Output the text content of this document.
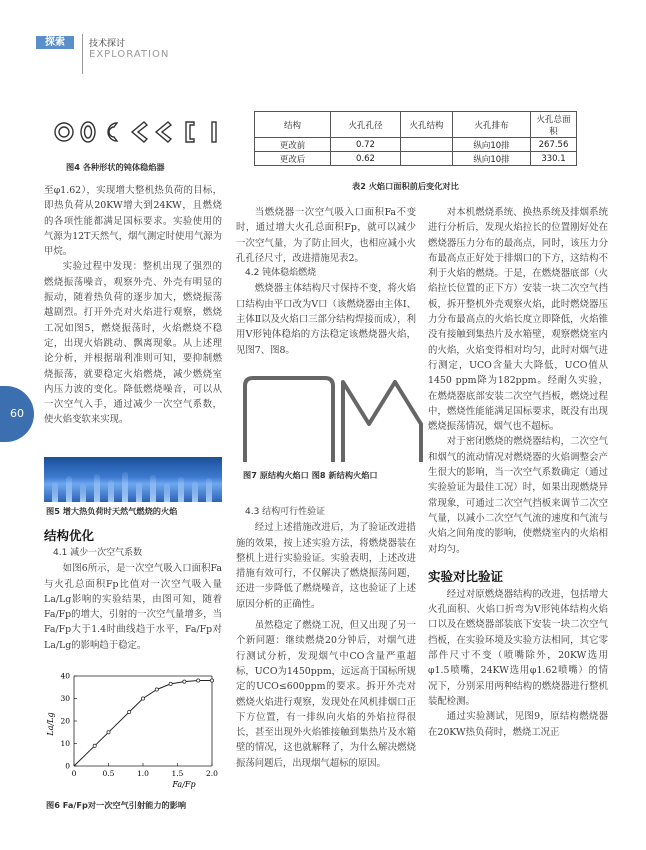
探索	技术探讨
EXPLORATION
60
图4 各种形状的钝体稳焰器
结构	火孔孔径	火孔结构	火孔排布	火孔总面积
更改前	0.72		纵向10排	267.56
更改后	0.62		纵向10排	330.1
表2 火焰口面积前后变化对比

至φ1.62），实现增大整机热负荷的目标，即热负荷从20KW增大到24KW，且燃烧的各项性能都满足国标要求。实验使用的气源为12T天然气，烟气测定时使用气源为甲烷。

实验过程中发现：整机出现了强烈的燃烧振荡噪音，观察外壳、外壳有明显的振动，随着热负荷的逐步加大，燃烧振荡越剧烈。打开外壳对火焰进行观察，燃烧工况如图5，燃烧振荡时，火焰燃烧不稳定，出现火焰跳动、飘离现象。从上述理论分析，并根据瑞利准则可知，要抑制燃烧振荡，就要稳定火焰燃烧，减少燃烧室内压力波的变化。降低燃烧噪音，可以从一次空气入手，通过减少一次空气系数，使火焰变软来实现。

图5 增大热负荷时天然气燃烧的火焰
结构优化

4.1 减少一次空气系数

如图6所示，是一次空气吸入口面积Fa与火孔总面积Fp比值对一次空气吸入量La/Lg影响的实验结果，由图可知，随着Fa/Fp的增大，引射的一次空气量增多，当Fa/Fp大于1.4时曲线趋于水平，Fa/Fp对La/Lg的影响趋于稳定。

0	0.5	1.0	1.5	2.0
0
10
20
30
40
La/Lg
Fa/Fp
图6 Fa/Fp对一次空气引射能力的影响

当燃烧器一次空气吸入口面积Fa不变时，通过增大火孔总面积Fp，就可以减少一次空气量，为了防止回火，也相应减小火孔孔径尺寸，改进措施见表2。

4.2 钝体稳焰燃烧

燃烧器主体结构尺寸保持不变，将火焰口结构由平口改为V口（该燃烧器由主体Ⅰ、主体Ⅱ以及火焰口三部分结构焊接而成），利用V形钝体稳焰的方法稳定该燃烧器火焰，见图7、图8。

图7 原结构火焰口 图8 新结构火焰口

4.3 结构可行性验证

经过上述措施改进后，为了验证改进措施的效果，按上述实验方法，将燃烧器装在整机上进行实验验证。实验表明，上述改进措施有效可行，不仅解决了燃烧振荡问题，还进一步降低了燃烧噪音，这也验证了上述原因分析的正确性。

虽然稳定了燃烧工况，但又出现了另一个新问题：继续燃烧20分钟后，对烟气进行测试分析，发现烟气中CO含量严重超标，UCO为1450ppm，远远高于国标所规定的UCO≤600ppm的要求。拆开外壳对燃烧火焰进行观察，发现处在风机排烟口正下方位置，有一排纵向火焰的外焰拉得很长，甚至出现外火焰锥接触到集热片及水箱壁的情况，这也就解释了，为什么解决燃烧振荡问题后，出现烟气超标的原因。

对本机燃烧系统、换热系统及排烟系统进行分析后，发现火焰拉长的位置刚好处在燃烧器压力分布的最高点，同时，该压力分布最高点正好处于排烟口的下方，这结构不利于火焰的燃烧。于是，在燃烧器底部（火焰拉长位置的正下方）安装一块二次空气挡板，拆开整机外壳观察火焰，此时燃烧器压力分布最高点的火焰长度立即降低，火焰锥没有接触到集热片及水箱壁，观察燃烧室内的火焰，火焰变得相对均匀，此时对烟气进行测定，UCO含量大大降低，UCO值从1450 ppm降为182ppm。经耐久实验，在燃烧器底部安装二次空气挡板，燃烧过程中，燃烧性能能满足国标要求，既没有出现燃烧振荡情况，烟气也不超标。

对于密闭燃烧的燃烧器结构，二次空气和烟气的流动情况对燃烧器的火焰调整会产生很大的影响，当一次空气系数确定（通过实验验证为最佳工况）时，如果出现燃烧异常现象，可通过二次空气挡板来调节二次空气量，以减小二次空气气流的速度和气流与火焰之间角度的影响，使燃烧室内的火焰相对均匀。

实验对比验证

经过对原燃烧器结构的改进，包括增大火孔面积、火焰口折弯为V形钝体结构火焰口以及在燃烧器部装底下安装一块二次空气挡板，在实验环境及实验方法相同，其它零部件尺寸不变（喷嘴除外，20KW选用φ1.5喷嘴，24KW选用φ1.62喷嘴）的情况下，分别采用两种结构的燃烧器进行整机装配检测。

通过实验测试，见图9，原结构燃烧器在20KW热负荷时，燃烧工况正
